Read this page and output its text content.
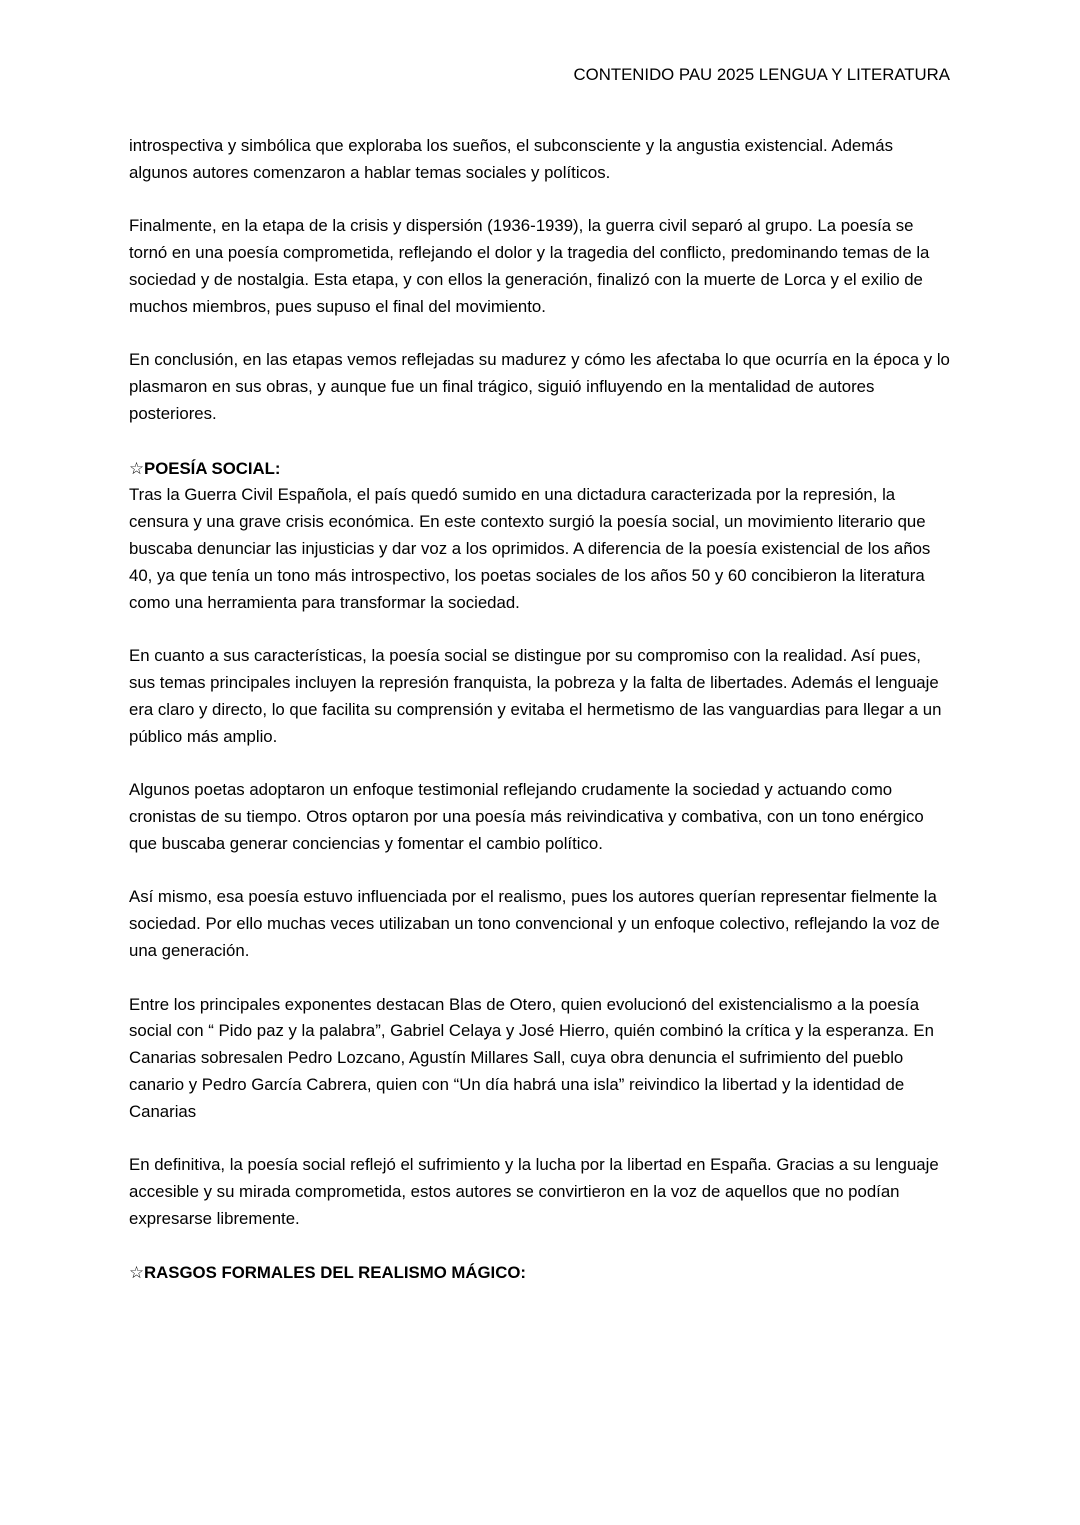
CONTENIDO PAU 2025 LENGUA Y LITERATURA

introspectiva y simbólica que exploraba los sueños, el subconsciente y la angustia existencial. Además algunos autores comenzaron a hablar temas sociales y políticos.

Finalmente, en la etapa de la crisis y dispersión (1936-1939), la guerra civil separó al grupo. La poesía se tornó en una poesía comprometida, reflejando el dolor y la tragedia del conflicto, predominando temas de la sociedad y de nostalgia. Esta etapa, y con ellos la generación, finalizó con la muerte de Lorca y el exilio de muchos miembros, pues supuso el final del movimiento.

En conclusión, en las etapas vemos reflejadas su madurez y cómo les afectaba lo que ocurría en la época y lo plasmaron en sus obras, y aunque fue un final trágico, siguió influyendo en la mentalidad de autores posteriores.

☆POESÍA SOCIAL:

Tras la Guerra Civil Española, el país quedó sumido en una dictadura caracterizada por la represión, la censura y una grave crisis económica. En este contexto surgió la poesía social, un movimiento literario que buscaba denunciar las injusticias y dar voz a los oprimidos. A diferencia de la poesía existencial de los años 40, ya que tenía un tono más introspectivo, los poetas sociales de los años 50 y 60 concibieron la literatura como una herramienta para transformar la sociedad.

En cuanto a sus características, la poesía social se distingue por su compromiso con la realidad. Así pues, sus temas principales incluyen la represión franquista, la pobreza y la falta de libertades. Además el lenguaje era claro y directo, lo que facilita su comprensión y evitaba el hermetismo de las vanguardias para llegar a un público más amplio.

Algunos poetas adoptaron un enfoque testimonial reflejando crudamente la sociedad y actuando como cronistas de su tiempo. Otros optaron por una poesía más reivindicativa y combativa, con un tono enérgico que buscaba generar conciencias y fomentar el cambio político.

Así mismo, esa poesía estuvo influenciada por el realismo, pues los autores querían representar fielmente la sociedad. Por ello muchas veces utilizaban un tono convencional y un enfoque colectivo, reflejando la voz de una generación.

Entre los principales exponentes destacan Blas de Otero, quien evolucionó del existencialismo a la poesía social con “ Pido paz y la palabra”, Gabriel Celaya y José Hierro, quién combinó la crítica y la esperanza. En Canarias sobresalen Pedro Lozcano, Agustín Millares Sall, cuya obra denuncia el sufrimiento del pueblo canario y Pedro García Cabrera, quien con “Un día habrá una isla” reivindico la libertad y la identidad de Canarias

En definitiva, la poesía social reflejó el sufrimiento y la lucha por la libertad en España. Gracias a su lenguaje accesible y su mirada comprometida, estos autores se convirtieron en la voz de aquellos que no podían expresarse libremente.

☆RASGOS FORMALES DEL REALISMO MÁGICO:
